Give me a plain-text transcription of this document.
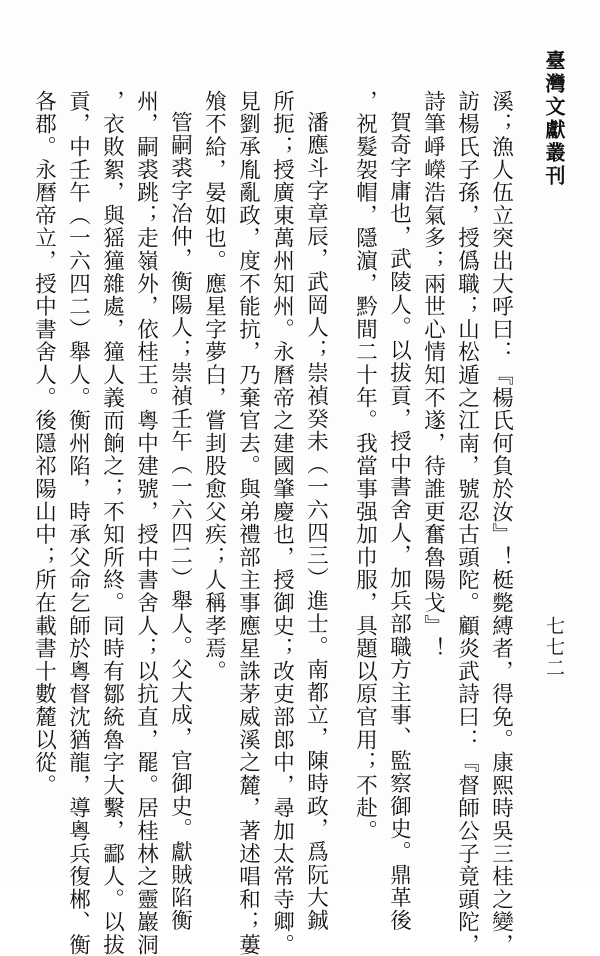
臺灣文獻叢刊
七七二
溪；漁人伍立突出大呼曰：『楊氏何負於汝』！梃斃縛者，得免。康熙時吳三桂之變，
訪楊氏子孫，授僞職；山松遁之江南，號忍古頭陀。顧炎武詩曰：『督師公子竟頭陀，
詩筆崢嶸浩氣多；兩世心情知不遂，待誰更奮魯陽戈』！
賀奇字庸也，武陵人。以拔貢，授中書舍人，加兵部職方主事、監察御史。鼎革後
，祝髮袈帽，隱濵，黔間二十年。我當事强加巾服，具題以原官用；不赴。
潘應斗字章辰，武岡人；崇禎癸未（一六四三）進士。南都立，陳時政，爲阮大鋮
所扼；授廣東萬州知州。永曆帝之建國肇慶也，授御史；改吏部郎中，尋加太常寺卿。
見劉承胤亂政，度不能抗，乃棄官去。與弟禮部主事應星誅茅威溪之麓，著述唱和；蔞
飧不給，晏如也。應星字夢白，嘗刲股愈父疾；人稱孝焉。
管嗣裘字冶仲，衡陽人；崇禎壬午（一六四二）舉人。父大成，官御史。獻賊陷衡
州，嗣裘跳；走嶺外，依桂王。粵中建號，授中書舍人；以抗直，罷。居桂林之靈巖洞
，衣敗絮，與猺獞雜處，獞人義而餉之；不知所終。同時有鄒統魯字大繫，酃人。以拔
貢，中壬午（一六四二）舉人。衡州陷，時承父命乞師於粵督沈猶龍，導粵兵復郴、衡
各郡。永曆帝立，授中書舍人。後隱祁陽山中；所在載書十數麓以從。
